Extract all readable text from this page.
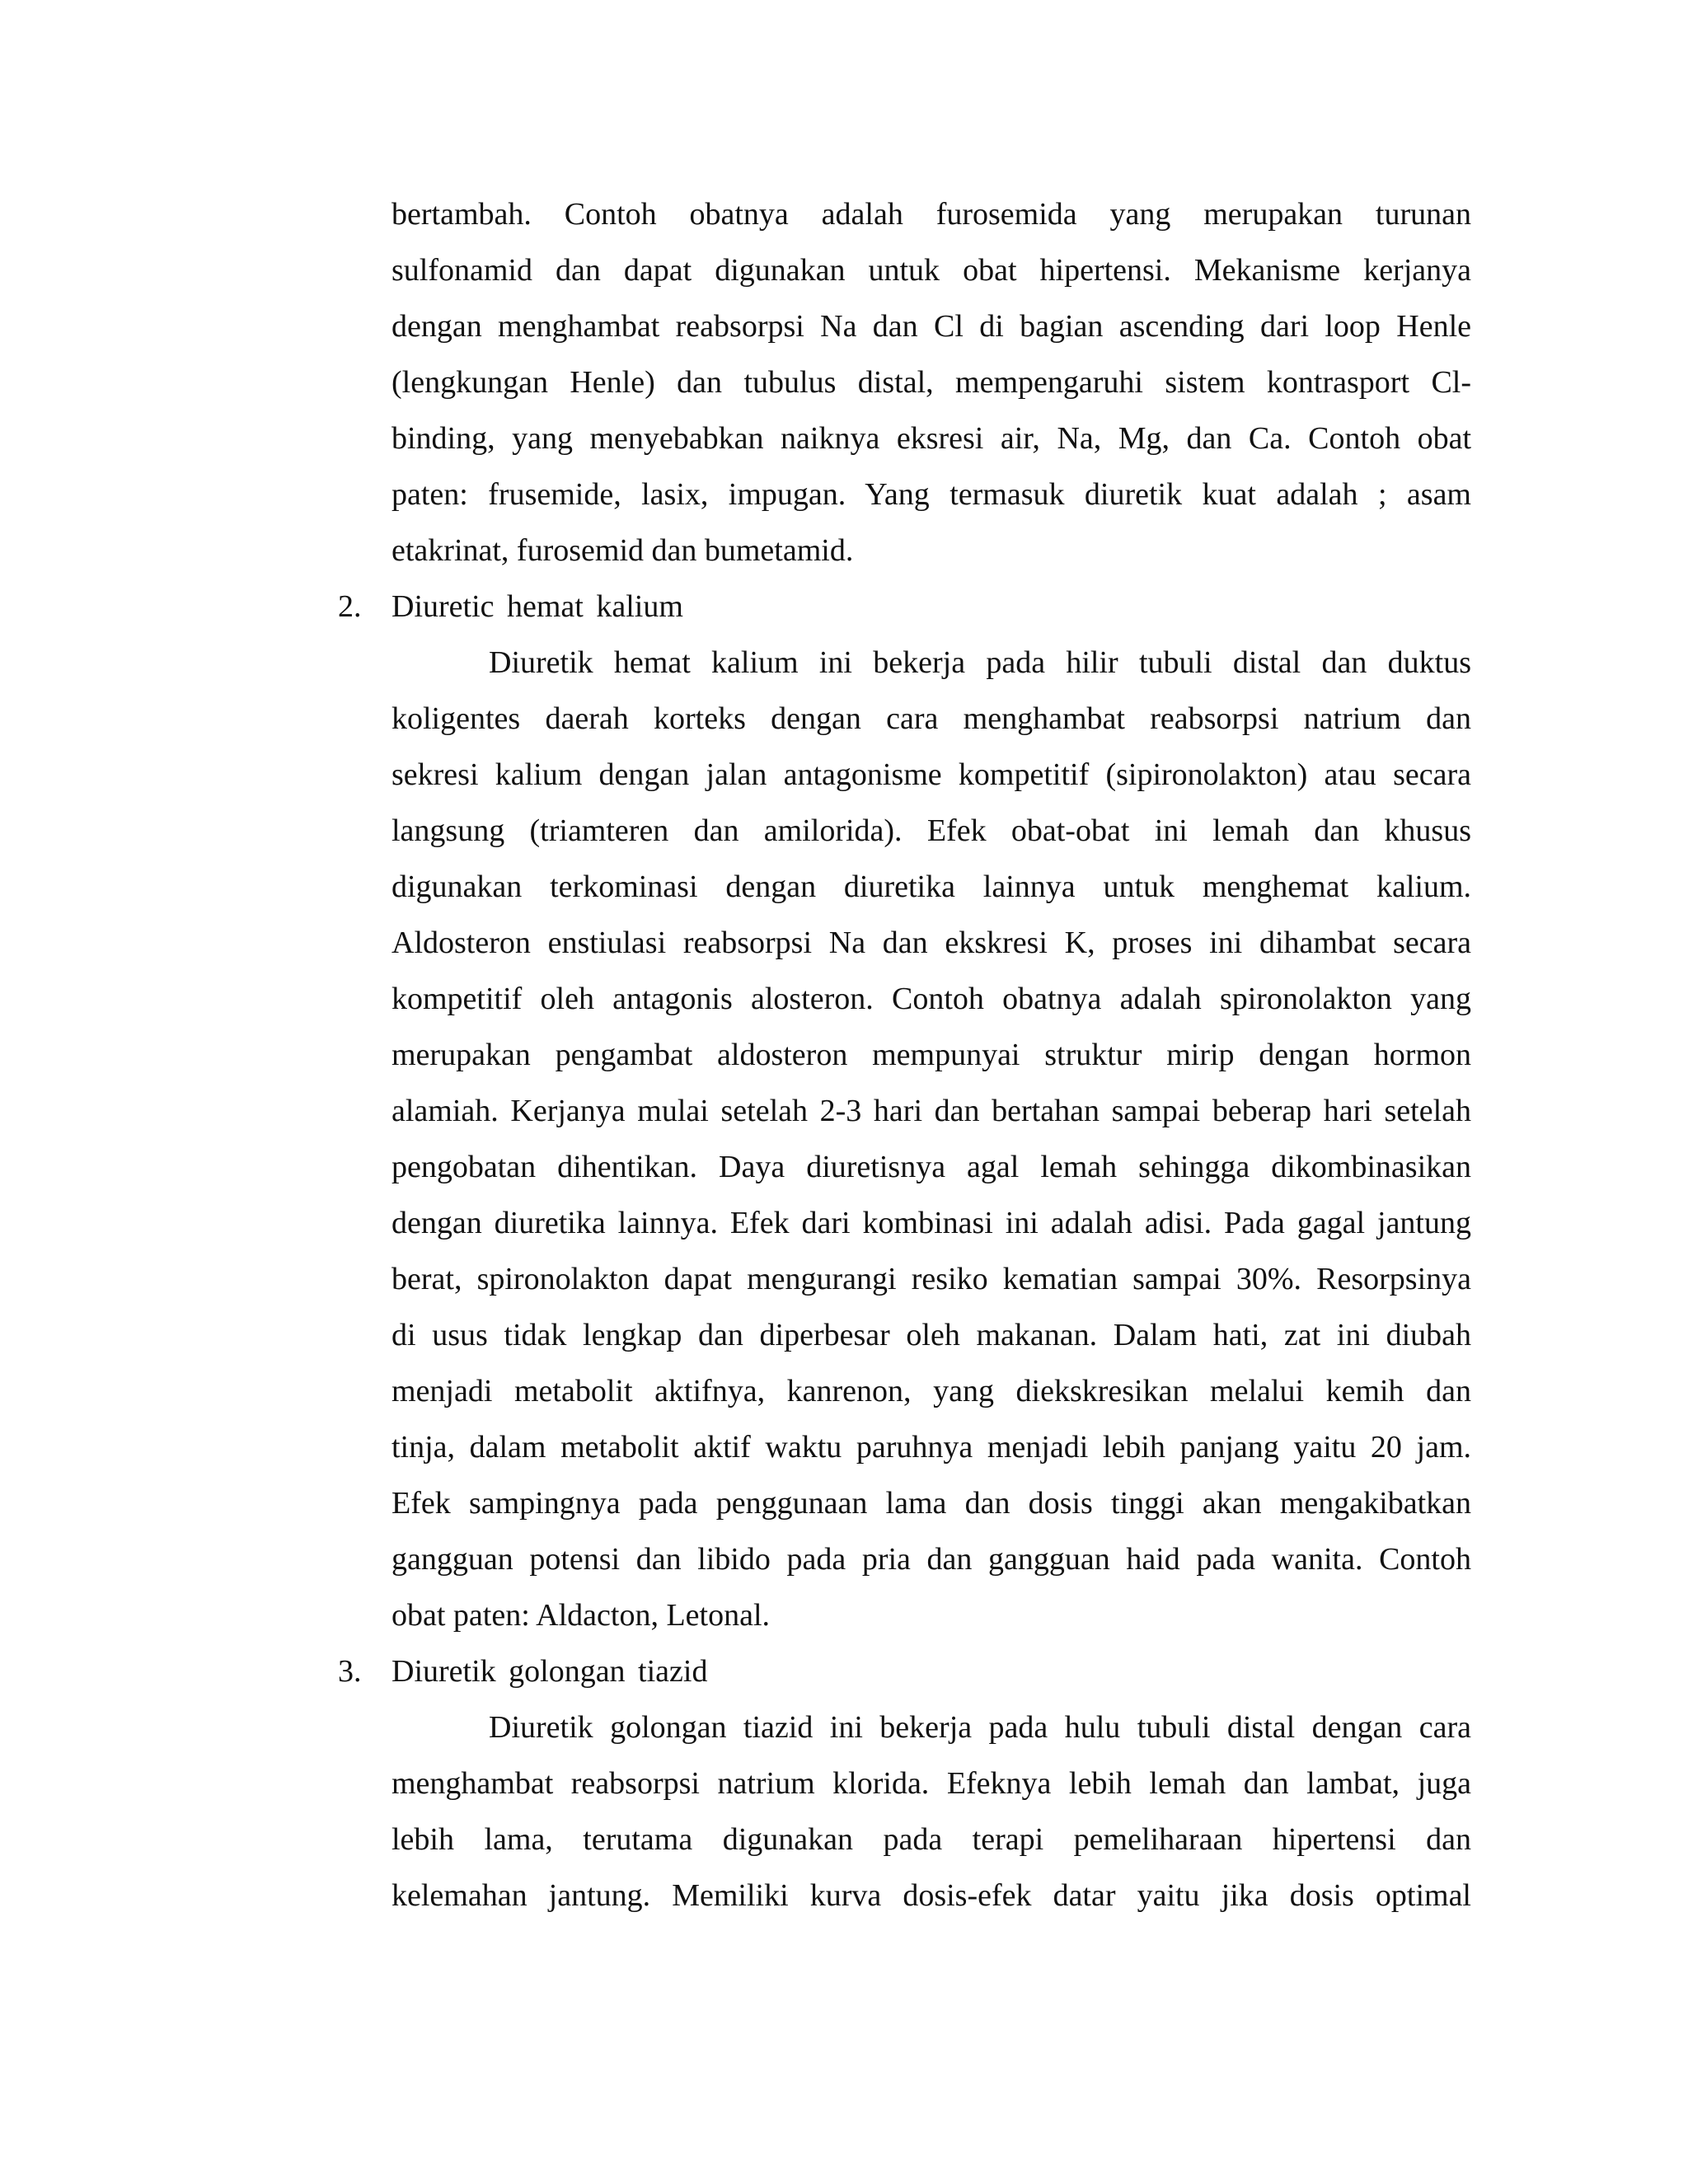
bertambah. Contoh obatnya adalah furosemida yang merupakan turunan
sulfonamid dan dapat digunakan untuk obat hipertensi. Mekanisme kerjanya
dengan menghambat reabsorpsi Na dan Cl di bagian ascending dari loop Henle
(lengkungan Henle) dan tubulus distal, mempengaruhi sistem kontrasport Cl-
binding, yang menyebabkan naiknya eksresi air, Na, Mg, dan Ca. Contoh obat
paten: frusemide, lasix, impugan. Yang termasuk diuretik kuat adalah ; asam
etakrinat, furosemid dan bumetamid.
2. Diuretic hemat kalium
Diuretik hemat kalium ini bekerja pada hilir tubuli distal dan duktus
koligentes daerah korteks dengan cara menghambat reabsorpsi natrium dan
sekresi kalium dengan jalan antagonisme kompetitif (sipironolakton) atau secara
langsung (triamteren dan amilorida). Efek obat-obat ini lemah dan khusus
digunakan terkominasi dengan diuretika lainnya untuk menghemat kalium.
Aldosteron enstiulasi reabsorpsi Na dan ekskresi K, proses ini dihambat secara
kompetitif oleh antagonis alosteron. Contoh obatnya adalah spironolakton yang
merupakan pengambat aldosteron mempunyai struktur mirip dengan hormon
alamiah. Kerjanya mulai setelah 2-3 hari dan bertahan sampai beberap hari setelah
pengobatan dihentikan. Daya diuretisnya agal lemah sehingga dikombinasikan
dengan diuretika lainnya. Efek dari kombinasi ini adalah adisi. Pada gagal jantung
berat, spironolakton dapat mengurangi resiko kematian sampai 30%. Resorpsinya
di usus tidak lengkap dan diperbesar oleh makanan. Dalam hati, zat ini diubah
menjadi metabolit aktifnya, kanrenon, yang diekskresikan melalui kemih dan
tinja, dalam metabolit aktif waktu paruhnya menjadi lebih panjang yaitu 20 jam.
Efek sampingnya pada penggunaan lama dan dosis tinggi akan mengakibatkan
gangguan potensi dan libido pada pria dan gangguan haid pada wanita. Contoh
obat paten: Aldacton, Letonal.
3. Diuretik golongan tiazid
Diuretik golongan tiazid ini bekerja pada hulu tubuli distal dengan cara
menghambat reabsorpsi natrium klorida. Efeknya lebih lemah dan lambat, juga
lebih lama, terutama digunakan pada terapi pemeliharaan hipertensi dan
kelemahan jantung. Memiliki kurva dosis-efek datar yaitu jika dosis optimal
